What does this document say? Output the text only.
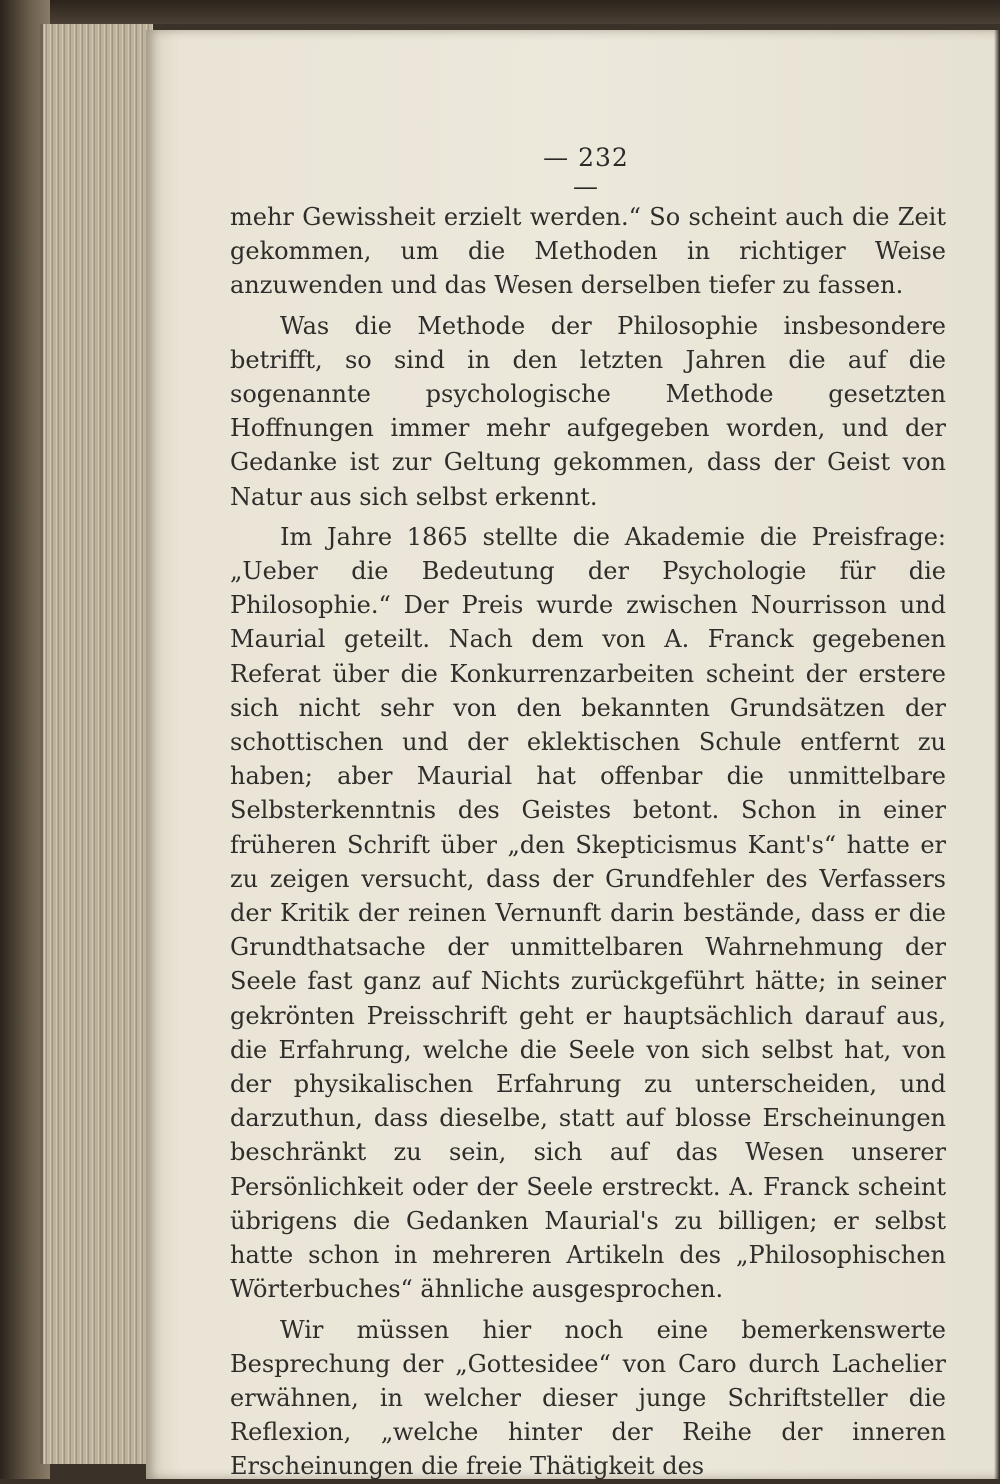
— 232 —

mehr Gewissheit erzielt werden.“ So scheint auch die Zeit gekommen, um die Methoden in richtiger Weise anzuwenden und das Wesen derselben tiefer zu fassen.

Was die Methode der Philosophie insbesondere betrifft, so sind in den letzten Jahren die auf die sogenannte psychologische Methode gesetzten Hoffnungen immer mehr aufgegeben worden, und der Gedanke ist zur Geltung gekommen, dass der Geist von Natur aus sich selbst erkennt.

Im Jahre 1865 stellte die Akademie die Preisfrage: „Ueber die Bedeutung der Psychologie für die Philosophie.“ Der Preis wurde zwischen Nourrisson und Maurial geteilt. Nach dem von A. Franck gegebenen Referat über die Konkurrenzarbeiten scheint der erstere sich nicht sehr von den bekannten Grundsätzen der schottischen und der eklektischen Schule entfernt zu haben; aber Maurial hat offenbar die unmittelbare Selbsterkenntnis des Geistes betont. Schon in einer früheren Schrift über „den Skepticismus Kant's“ hatte er zu zeigen versucht, dass der Grundfehler des Verfassers der Kritik der reinen Vernunft darin bestände, dass er die Grundthatsache der unmittelbaren Wahrnehmung der Seele fast ganz auf Nichts zurückgeführt hätte; in seiner gekrönten Preisschrift geht er hauptsächlich darauf aus, die Erfahrung, welche die Seele von sich selbst hat, von der physikalischen Erfahrung zu unterscheiden, und darzuthun, dass dieselbe, statt auf blosse Erscheinungen beschränkt zu sein, sich auf das Wesen unserer Persönlichkeit oder der Seele erstreckt. A. Franck scheint übrigens die Gedanken Maurial's zu billigen; er selbst hatte schon in mehreren Artikeln des „Philosophischen Wörterbuches“ ähnliche ausgesprochen.

Wir müssen hier noch eine bemerkenswerte Besprechung der „Gottesidee“ von Caro durch Lachelier erwähnen, in welcher dieser junge Schriftsteller die Reflexion, „welche hinter der Reihe der inneren Erscheinungen die freie Thätigkeit des
